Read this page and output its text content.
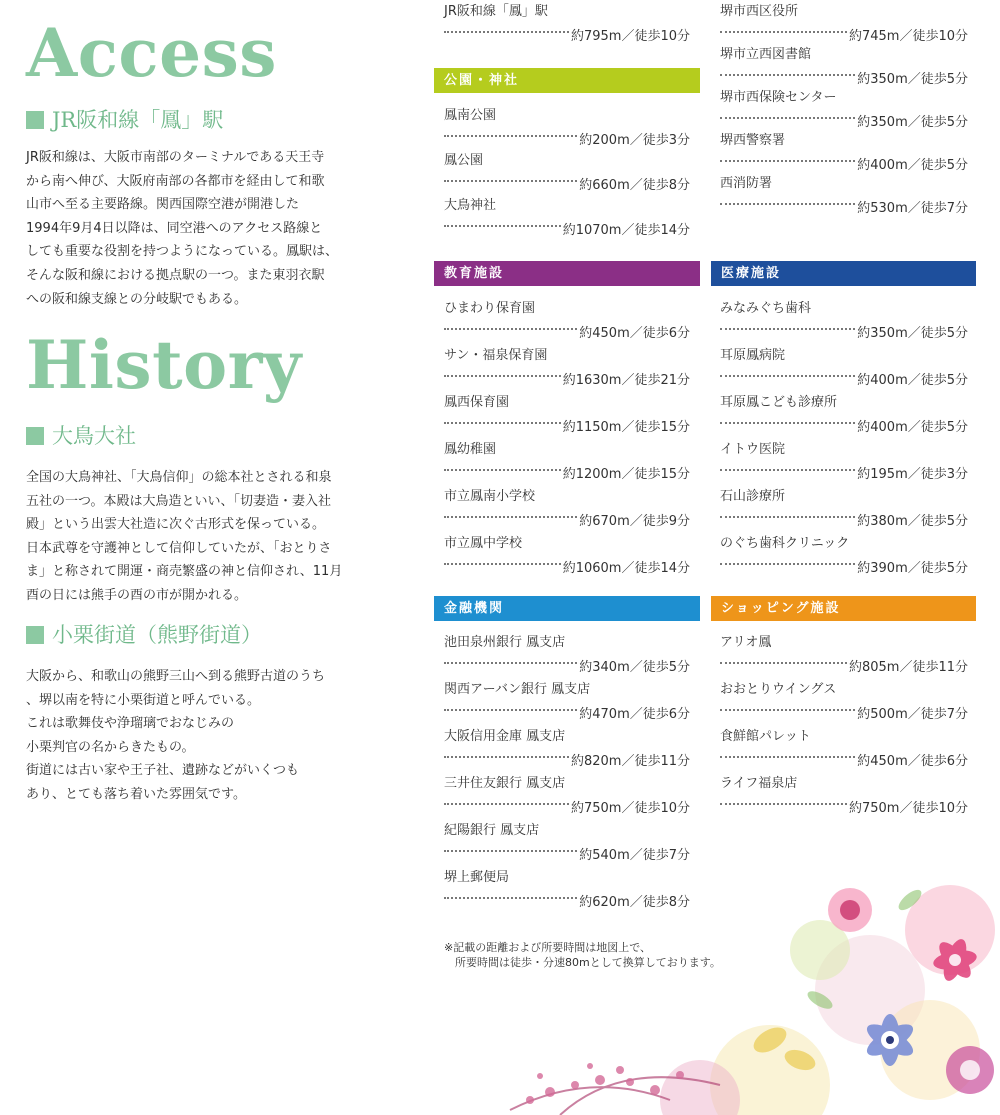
Access
JR阪和線「鳳」駅

JR阪和線は、大阪市南部のターミナルである天王寺
から南へ伸び、大阪府南部の各都市を経由して和歌
山市へ至る主要路線。関西国際空港が開港した
1994年9月4日以降は、同空港へのアクセス路線と
しても重要な役割を持つようになっている。鳳駅は、
そんな阪和線における拠点駅の一つ。また東羽衣駅
への阪和線支線との分岐駅でもある。

History
大鳥大社

全国の大鳥神社、「大鳥信仰」の総本社とされる和泉
五社の一つ。本殿は大鳥造といい、「切妻造・妻入社
殿」という出雲大社造に次ぐ古形式を保っている。
日本武尊を守護神として信仰していたが、「おとりさ
ま」と称されて開運・商売繁盛の神と信仰され、11月
酉の日には熊手の酉の市が開かれる。

小栗街道（熊野街道）

大阪から、和歌山の熊野三山へ到る熊野古道のうち
、堺以南を特に小栗街道と呼んでいる。
これは歌舞伎や浄瑠璃でおなじみの
小栗判官の名からきたもの。
街道には古い家や王子社、遺跡などがいくつも
あり、とても落ち着いた雰囲気です。

JR阪和線「鳳」駅
約795m／徒歩10分
公園・神社
教育施設	医療施設
金融機関	ショッピング施設
鳳南公園
約200m／徒歩3分
鳳公園
約660m／徒歩8分
大鳥神社
約1070m／徒歩14分
堺市西区役所
約745m／徒歩10分
堺市立西図書館
約350m／徒歩5分
堺市西保険センター
約350m／徒歩5分
堺西警察署
約400m／徒歩5分
西消防署
約530m／徒歩7分
ひまわり保育園
約450m／徒歩6分
サン・福泉保育園
約1630m／徒歩21分
鳳西保育園
約1150m／徒歩15分
鳳幼稚園
約1200m／徒歩15分
市立鳳南小学校
約670m／徒歩9分
市立鳳中学校
約1060m／徒歩14分
みなみぐち歯科
約350m／徒歩5分
耳原鳳病院
約400m／徒歩5分
耳原鳳こども診療所
約400m／徒歩5分
イトウ医院
約195m／徒歩3分
石山診療所
約380m／徒歩5分
のぐち歯科クリニック
約390m／徒歩5分
池田泉州銀行 鳳支店
約340m／徒歩5分
関西アーバン銀行 鳳支店
約470m／徒歩6分
大阪信用金庫 鳳支店
約820m／徒歩11分
三井住友銀行 鳳支店
約750m／徒歩10分
紀陽銀行 鳳支店
約540m／徒歩7分
堺上郵便局
約620m／徒歩8分
アリオ鳳
約805m／徒歩11分
おおとりウイングス
約500m／徒歩7分
食鮮館パレット
約450m／徒歩6分
ライフ福泉店
約750m／徒歩10分

※記載の距離および所要時間は地図上で、
　所要時間は徒歩・分速80mとして換算しております。
